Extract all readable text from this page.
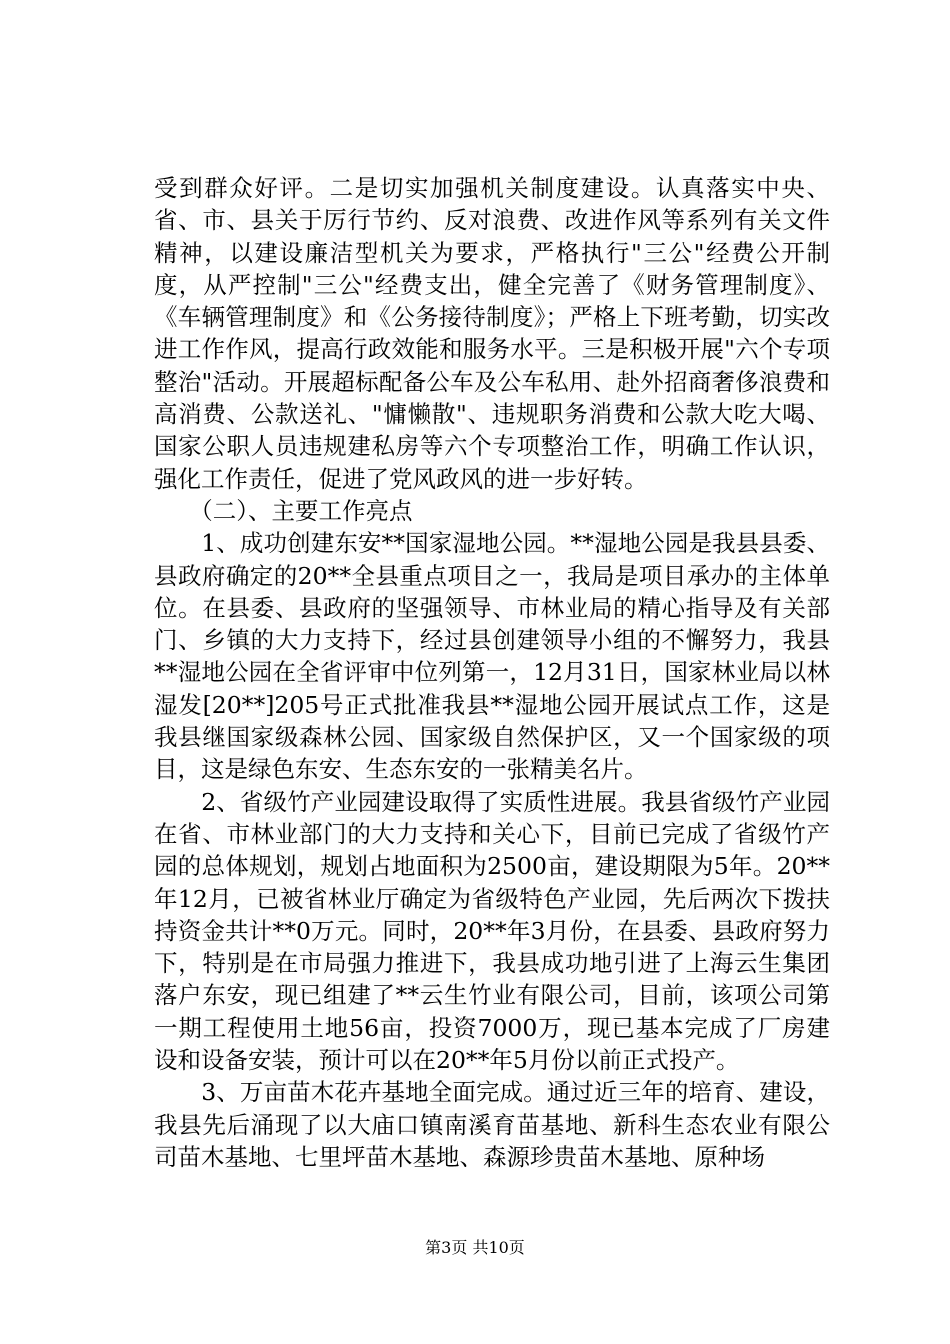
受到群众好评。二是切实加强机关制度建设。认真落实中央、省、市、县关于厉行节约、反对浪费、改进作风等系列有关文件精神，以建设廉洁型机关为要求，严格执行"三公"经费公开制度，从严控制"三公"经费支出，健全完善了《财务管理制度》、《车辆管理制度》和《公务接待制度》；严格上下班考勤，切实改进工作作风，提高行政效能和服务水平。三是积极开展"六个专项整治"活动。开展超标配备公车及公车私用、赴外招商奢侈浪费和高消费、公款送礼、"慵懒散"、违规职务消费和公款大吃大喝、国家公职人员违规建私房等六个专项整治工作，明确工作认识，强化工作责任，促进了党风政风的进一步好转。

　　（二）、主要工作亮点

　　1、成功创建东安**国家湿地公园。**湿地公园是我县县委、县政府确定的20**全县重点项目之一，我局是项目承办的主体单位。在县委、县政府的坚强领导、市林业局的精心指导及有关部门、乡镇的大力支持下，经过县创建领导小组的不懈努力，我县**湿地公园在全省评审中位列第一，12月31日，国家林业局以林湿发[20**]205号正式批准我县**湿地公园开展试点工作，这是我县继国家级森林公园、国家级自然保护区，又一个国家级的项目，这是绿色东安、生态东安的一张精美名片。

　　2、省级竹产业园建设取得了实质性进展。我县省级竹产业园在省、市林业部门的大力支持和关心下，目前已完成了省级竹产园的总体规划，规划占地面积为2500亩，建设期限为5年。20**年12月，已被省林业厅确定为省级特色产业园，先后两次下拨扶持资金共计**0万元。同时，20**年3月份，在县委、县政府努力下，特别是在市局强力推进下，我县成功地引进了上海云生集团落户东安，现已组建了**云生竹业有限公司，目前，该项公司第一期工程使用土地56亩，投资7000万，现已基本完成了厂房建设和设备安装，预计可以在20**年5月份以前正式投产。

　　3、万亩苗木花卉基地全面完成。通过近三年的培育、建设，我县先后涌现了以大庙口镇南溪育苗基地、新科生态农业有限公司苗木基地、七里坪苗木基地、森源珍贵苗木基地、原种场

第3页 共10页
